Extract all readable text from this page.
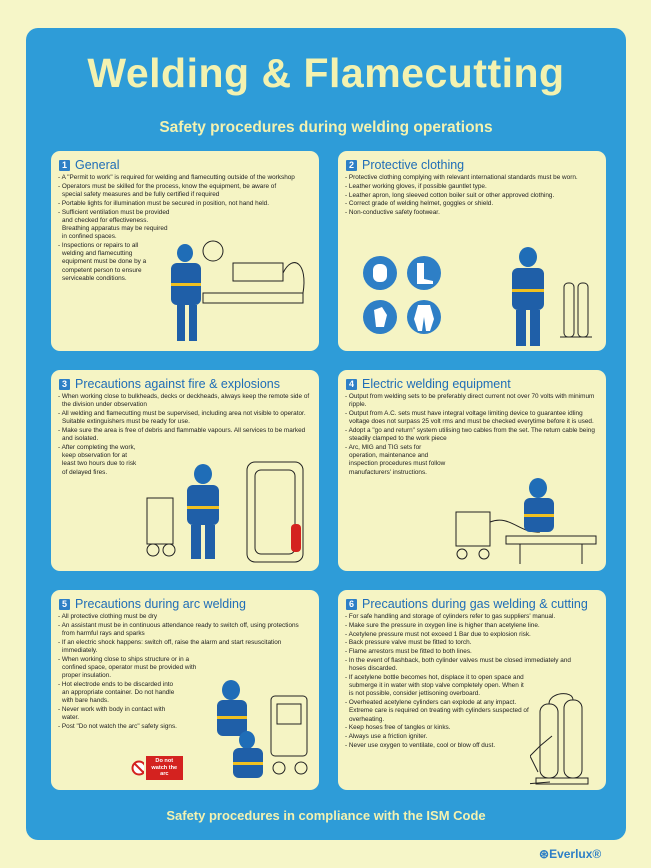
Welding & Flamecutting
Safety procedures during welding operations
1 General
- A "Permit to work" is required for welding and flamecutting outside of the workshop
- Operators must be skilled for the process, know the equipment, be aware of special safety measures and be fully certified if required
- Portable lights for illumination must be secured in position, not hand held.
- Sufficient ventilation must be provided and checked for effectiveness. Breathing apparatus may be required in confined spaces.
- Inspections or repairs to all welding and flamecutting equipment must be done by a competent person to ensure serviceable conditions.
2 Protective clothing
- Protective clothing complying with relevant international standards must be worn.
- Leather working gloves, if possible gauntlet type.
- Leather apron, long sleeved cotton boiler suit or other approved clothing.
- Correct grade of welding helmet, goggles or shield.
- Non-conductive safety footwear.
3 Precautions against fire & explosions
- When working close to bulkheads, decks or deckheads, always keep the remote side of the division under observation
- All welding and flamecutting must be supervised, including area not visible to operator. Suitable extinguishers must be ready for use.
- Make sure the area is free of debris and flammable vapours. All services to be marked and isolated.
- After completing the work, keep observation for at least two hours due to risk of delayed fires.
4 Electric welding equipment
- Output from welding sets to be preferably direct current not over 70 volts with minimum ripple.
- Output from A.C. sets must have integral voltage limiting device to guarantee idling voltage does not surpass 25 volt rms and must be checked everytime before it is used.
- Adopt a "go and return" system utilising two cables from the set. The return cable being steadily clamped to the work piece
- Arc, MIG and TIG sets for operation, maintenance and inspection procedures must follow manufacturers' instructions.
5 Precautions during arc welding
- All protective clothing must be dry
- An assistant must be in continuous attendance ready to switch off, using protections from harmful rays and sparks
- If an electric shock happens: switch off, raise the alarm and start resuscitation immediately.
- When working close to ships structure or in a confined space, operator must be provided with proper insulation.
- Hot electrode ends to be discarded into an appropriate container. Do not handle with bare hands.
- Never work with body in contact with water.
- Post "Do not watch the arc" safety signs.
Do not watch the arc
6 Precautions during gas welding & cutting
- For safe handling and storage of cylinders refer to gas suppliers' manual.
- Make sure the pressure in oxygen line is higher than acetylene line.
- Acetylene pressure must not exceed 1 Bar due to explosion risk.
- Back pressure valve must be fitted to torch.
- Flame arrestors must be fitted to both lines.
- In the event of flashback, both cylinder valves must be closed immediately and hoses discarded.
- If acetylene bottle becomes hot, displace it to open space and submerge it in water with stop valve completely open. When it is not possible, consider jettisoning overboard.
- Overheated acetylene cylinders can explode at any impact. Extreme care is required on treating with cylinders suspected of overheating.
- Keep hoses free of tangles or kinks.
- Always use a friction igniter.
- Never use oxygen to ventilate, cool or blow off dust.
Safety procedures in compliance with the ISM Code
⊛Everlux®
